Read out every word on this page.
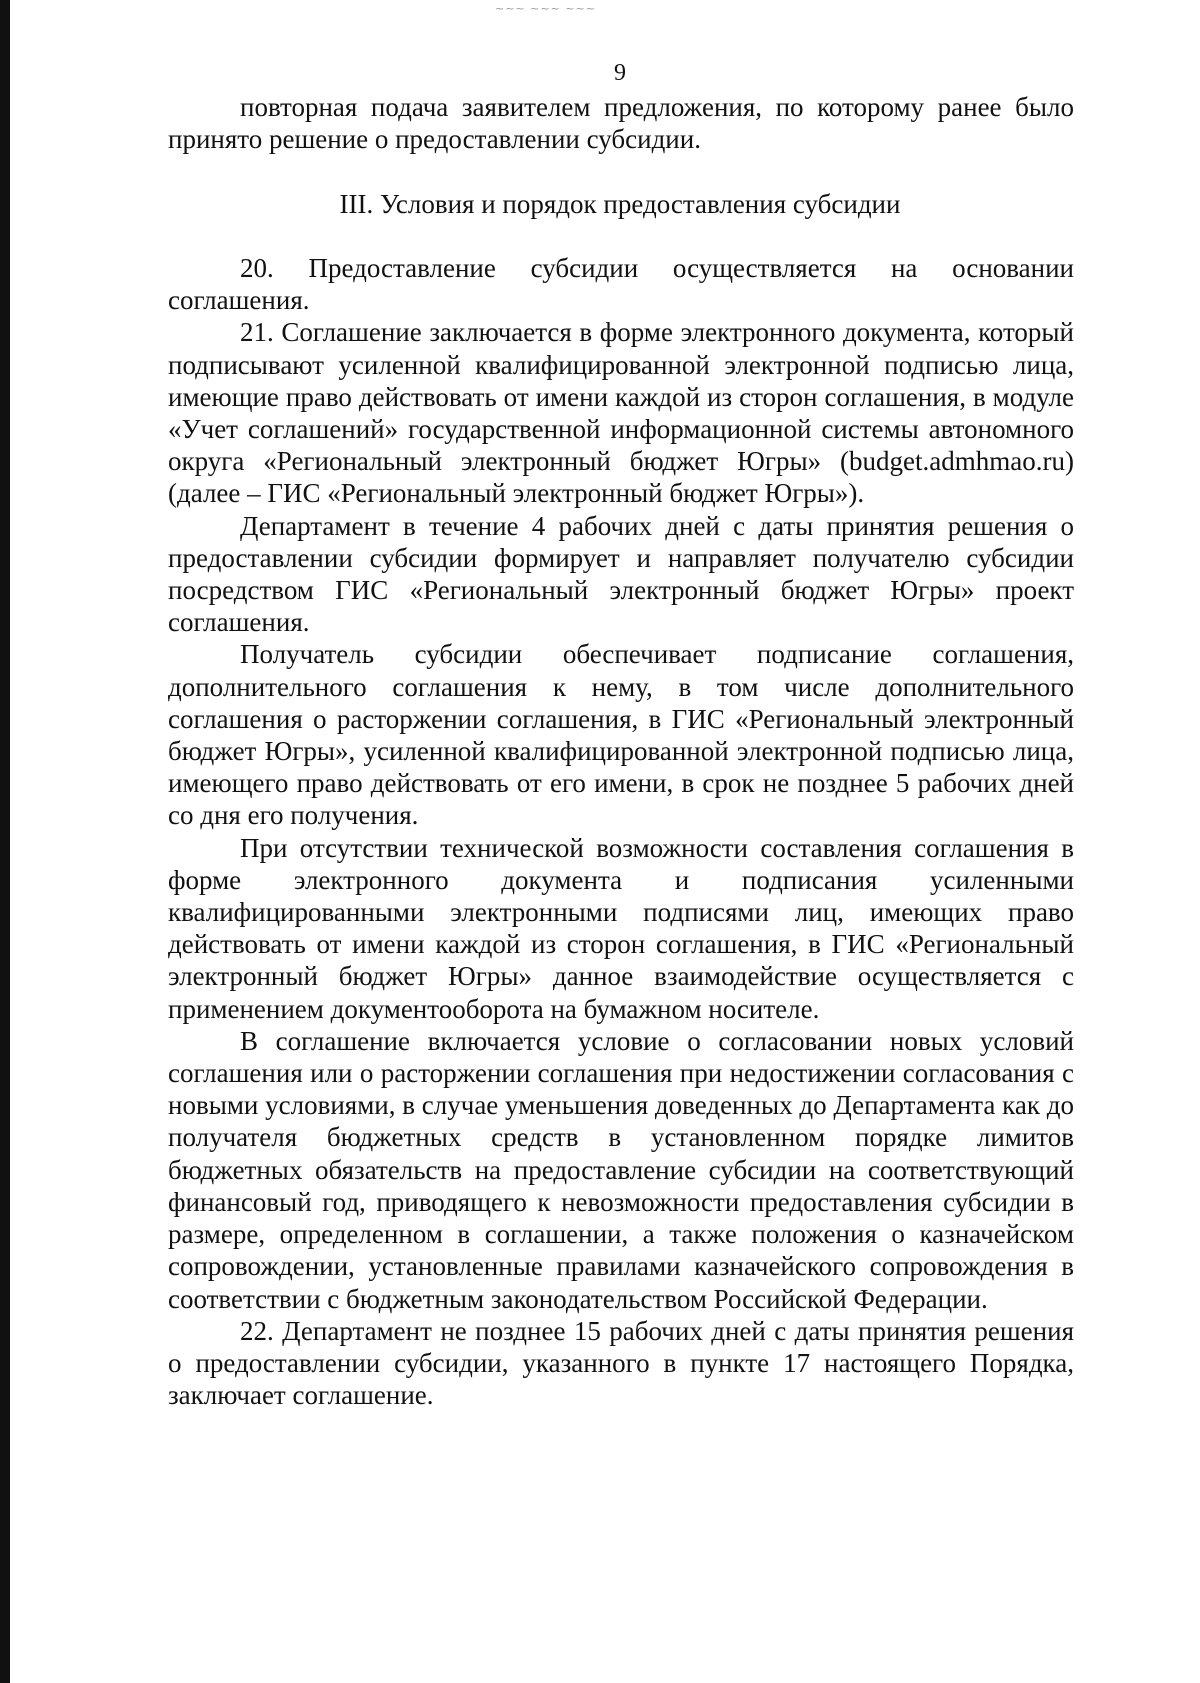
~~~ ~~~ ~~~
9

повторная подача заявителем предложения, по которому ранее было принято решение о предоставлении субсидии.

III. Условия и порядок предоставления субсидии

20. Предоставление субсидии осуществляется на основании соглашения.

21. Соглашение заключается в форме электронного документа, который подписывают усиленной квалифицированной электронной подписью лица, имеющие право действовать от имени каждой из сторон соглашения, в модуле «Учет соглашений» государственной информационной системы автономного округа «Региональный электронный бюджет Югры» (budget.admhmao.ru) (далее – ГИС «Региональный электронный бюджет Югры»).

Департамент в течение 4 рабочих дней с даты принятия решения о предоставлении субсидии формирует и направляет получателю субсидии посредством ГИС «Региональный электронный бюджет Югры» проект соглашения.

Получатель субсидии обеспечивает подписание соглашения, дополнительного соглашения к нему, в том числе дополнительного соглашения о расторжении соглашения, в ГИС «Региональный электронный бюджет Югры», усиленной квалифицированной электронной подписью лица, имеющего право действовать от его имени, в срок не позднее 5 рабочих дней со дня его получения.

При отсутствии технической возможности составления соглашения в форме электронного документа и подписания усиленными квалифицированными электронными подписями лиц, имеющих право действовать от имени каждой из сторон соглашения, в ГИС «Региональный электронный бюджет Югры» данное взаимодействие осуществляется с применением документооборота на бумажном носителе.

В соглашение включается условие о согласовании новых условий соглашения или о расторжении соглашения при недостижении согласования с новыми условиями, в случае уменьшения доведенных до Департамента как до получателя бюджетных средств в установленном порядке лимитов бюджетных обязательств на предоставление субсидии на соответствующий финансовый год, приводящего к невозможности предоставления субсидии в размере, определенном в соглашении, а также положения о казначейском сопровождении, установленные правилами казначейского сопровождения в соответствии с бюджетным законодательством Российской Федерации.

22. Департамент не позднее 15 рабочих дней с даты принятия решения о предоставлении субсидии, указанного в пункте 17 настоящего Порядка, заключает соглашение.
